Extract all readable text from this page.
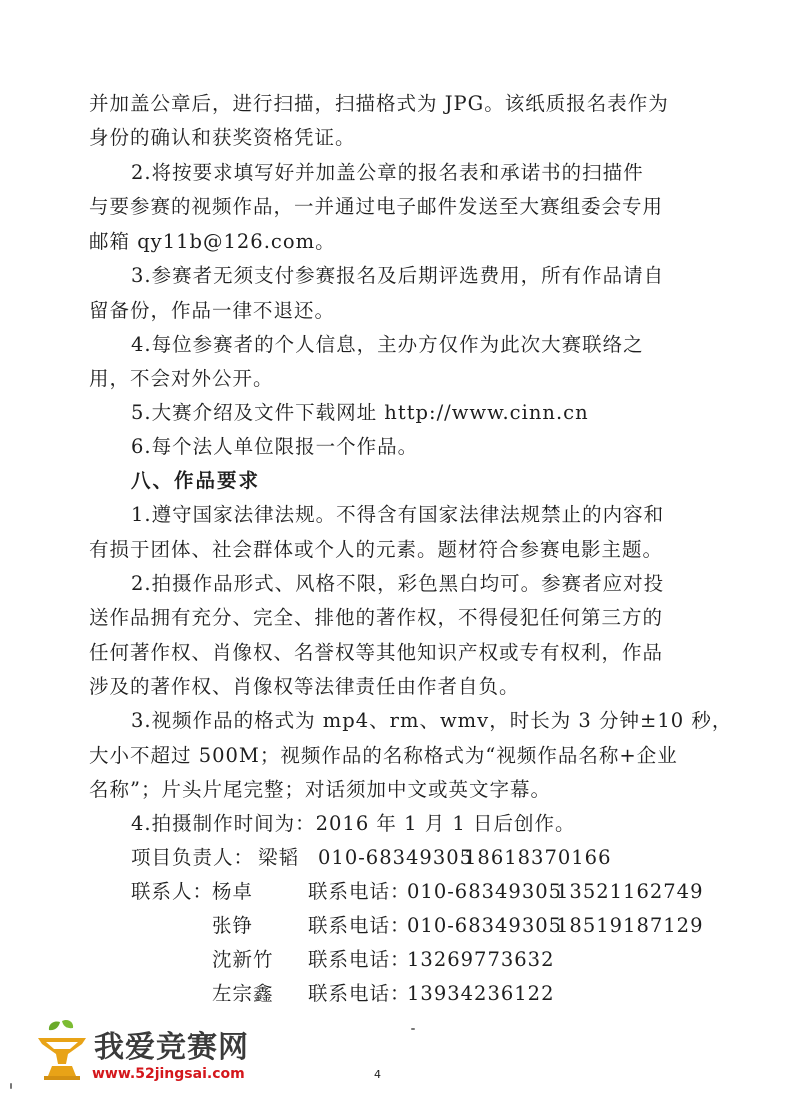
并加盖公章后，进行扫描，扫描格式为 JPG。该纸质报名表作为
身份的确认和获奖资格凭证。
2.将按要求填写好并加盖公章的报名表和承诺书的扫描件
与要参赛的视频作品，一并通过电子邮件发送至大赛组委会专用
邮箱 qy11b@126.com。
3.参赛者无须支付参赛报名及后期评选费用，所有作品请自
留备份，作品一律不退还。
4.每位参赛者的个人信息，主办方仅作为此次大赛联络之
用，不会对外公开。
5.大赛介绍及文件下载网址 http://www.cinn.cn
6.每个法人单位限报一个作品。
八、作品要求
1.遵守国家法律法规。不得含有国家法律法规禁止的内容和
有损于团体、社会群体或个人的元素。题材符合参赛电影主题。
2.拍摄作品形式、风格不限，彩色黑白均可。参赛者应对投
送作品拥有充分、完全、排他的著作权，不得侵犯任何第三方的
任何著作权、肖像权、名誉权等其他知识产权或专有权利，作品
涉及的著作权、肖像权等法律责任由作者自负。
3.视频作品的格式为 mp4、rm、wmv，时长为 3 分钟±10 秒，
大小不超过 500M；视频作品的名称格式为“视频作品名称+企业
名称”；片头片尾完整；对话须加中文或英文字幕。
4.拍摄制作时间为：2016 年 1 月 1 日后创作。
项目负责人： 梁韬 010-68349305
18618370166
联系人：
杨卓	联系电话：
010-68349305
13521162749
张铮	联系电话：
010-68349305
18519187129
沈新竹 联系电话：
13269773632
左宗鑫 联系电话：
13934236122
4
我爱竞赛网
www.52jingsai.com
